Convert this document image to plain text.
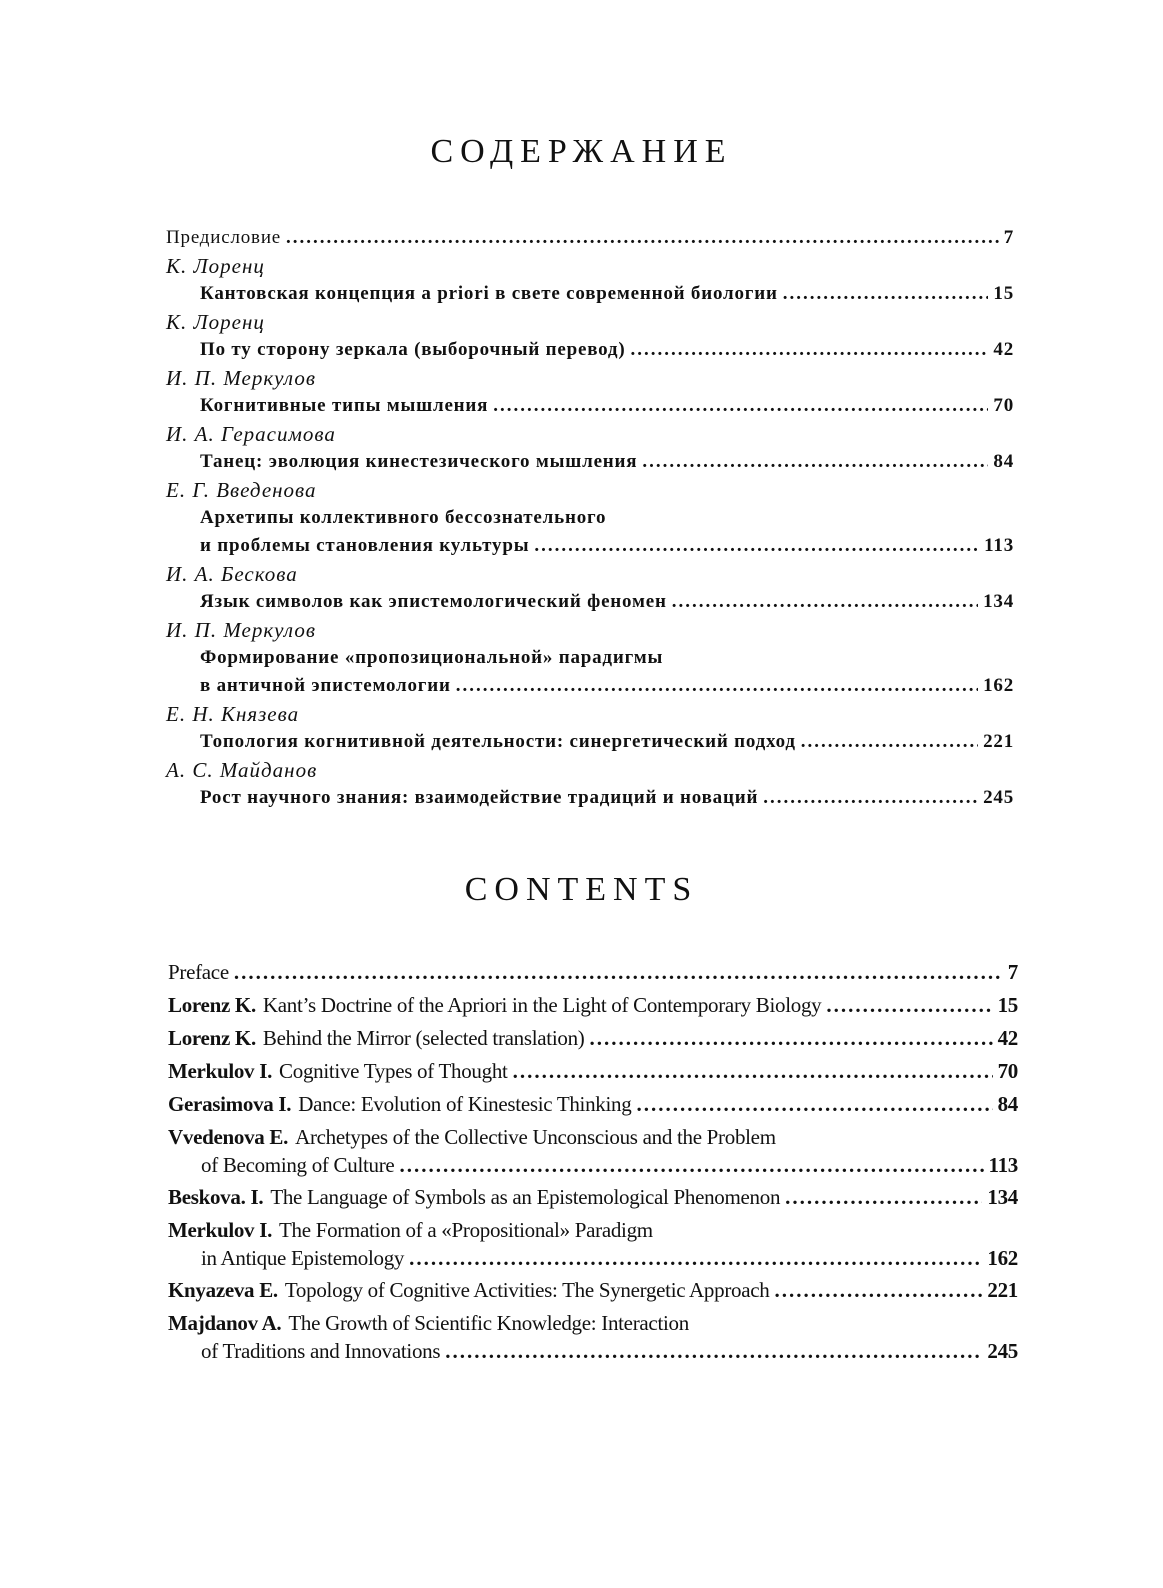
СОДЕРЖАНИЕ
Предисловие .....	7
К. Лоренц
Кантовская концепция a priori в свете современной биологии .....	15
К. Лоренц
По ту сторону зеркала (выборочный перевод) .....	42
И. П. Меркулов
Когнитивные типы мышления .....	70
И. А. Герасимова
Танец: эволюция кинестезического мышления .....	84
Е. Г. Введенова
Архетипы коллективного бессознательного
и проблемы становления культуры .....	113
И. А. Бескова
Язык символов как эпистемологический феномен .....	134
И. П. Меркулов
Формирование «пропозициональной» парадигмы
в античной эпистемологии .....	162
Е. Н. Князева
Топология когнитивной деятельности: синергетический подход .....	221
А. С. Майданов
Рост научного знания: взаимодействие традиций и новаций .....	245
CONTENTS
Preface .....	7
Lorenz K. Kant’s Doctrine of the Apriori in the Light of Contemporary Biology .....	15
Lorenz K. Behind the Mirror (selected translation) .....	42
Merkulov I. Cognitive Types of Thought .....	70
Gerasimova I. Dance: Evolution of Kinestesic Thinking .....	84
Vvedenova E. Archetypes of the Collective Unconscious and the Problem
of Becoming of Culture .....	113
Beskova. I. The Language of Symbols as an Epistemological Phenomenon .....	134
Merkulov I. The Formation of a «Propositional» Paradigm
in Antique Epistemology .....	162
Knyazeva E. Topology of Cognitive Activities: The Synergetic Approach .....	221
Majdanov A. The Growth of Scientific Knowledge: Interaction
of Traditions and Innovations .....	245
